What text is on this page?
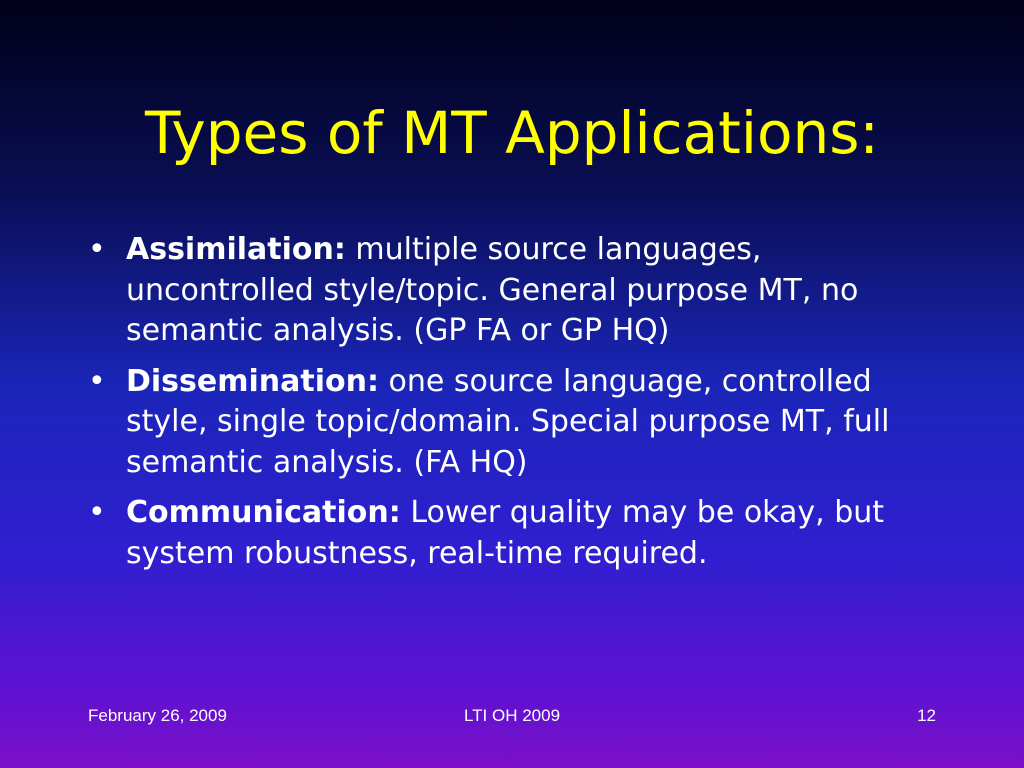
Types of MT Applications:
• Assimilation: multiple source languages, uncontrolled style/topic. General purpose MT, no semantic analysis. (GP FA or GP HQ)
• Dissemination: one source language, controlled style, single topic/domain. Special purpose MT, full semantic analysis. (FA HQ)
• Communication: Lower quality may be okay, but system robustness, real-time required.
February 26, 2009	LTI OH 2009	12
